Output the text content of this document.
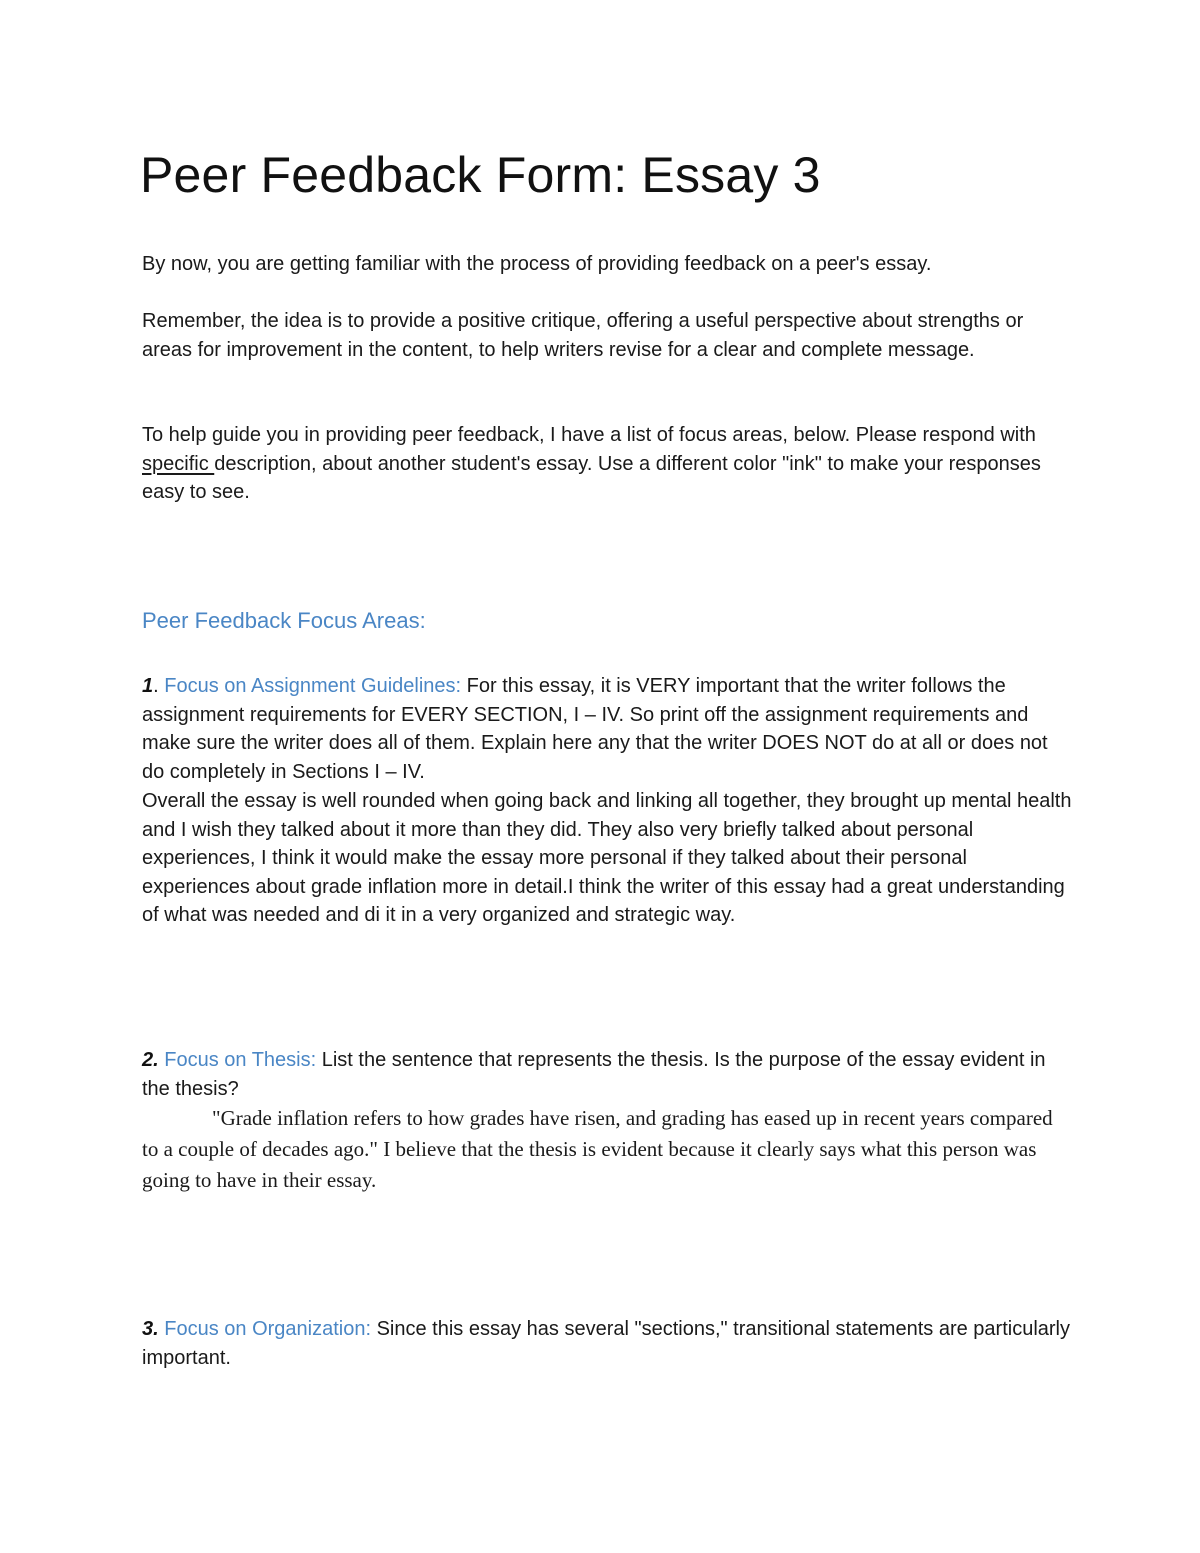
Peer Feedback Form: Essay 3

By now, you are getting familiar with the process of providing feedback on a peer's essay.

Remember, the idea is to provide a positive critique, offering a useful perspective about strengths or areas for improvement in the content, to help writers revise for a clear and complete message.

To help guide you in providing peer feedback, I have a list of focus areas, below. Please respond with specific description, about another student's essay. Use a different color "ink" to make your responses easy to see.

Peer Feedback Focus Areas:

1. Focus on Assignment Guidelines: For this essay, it is VERY important that the writer follows the assignment requirements for EVERY SECTION, I – IV. So print off the assignment requirements and make sure the writer does all of them. Explain here any that the writer DOES NOT do at all or does not do completely in Sections I – IV.

Overall the essay is well rounded when going back and linking all together, they brought up mental health and I wish they talked about it more than they did. They also very briefly talked about personal experiences, I think it would make the essay more personal if they talked about their personal experiences about grade inflation more in detail.I think the writer of this essay had a great understanding of what was needed and di it in a very organized and strategic way.

2. Focus on Thesis: List the sentence that represents the thesis. Is the purpose of the essay evident in the thesis?

"Grade inflation refers to how grades have risen, and grading has eased up in recent years compared to a couple of decades ago." I believe that the thesis is evident because it clearly says what this person was going to have in their essay.

3. Focus on Organization: Since this essay has several "sections," transitional statements are particularly important.
